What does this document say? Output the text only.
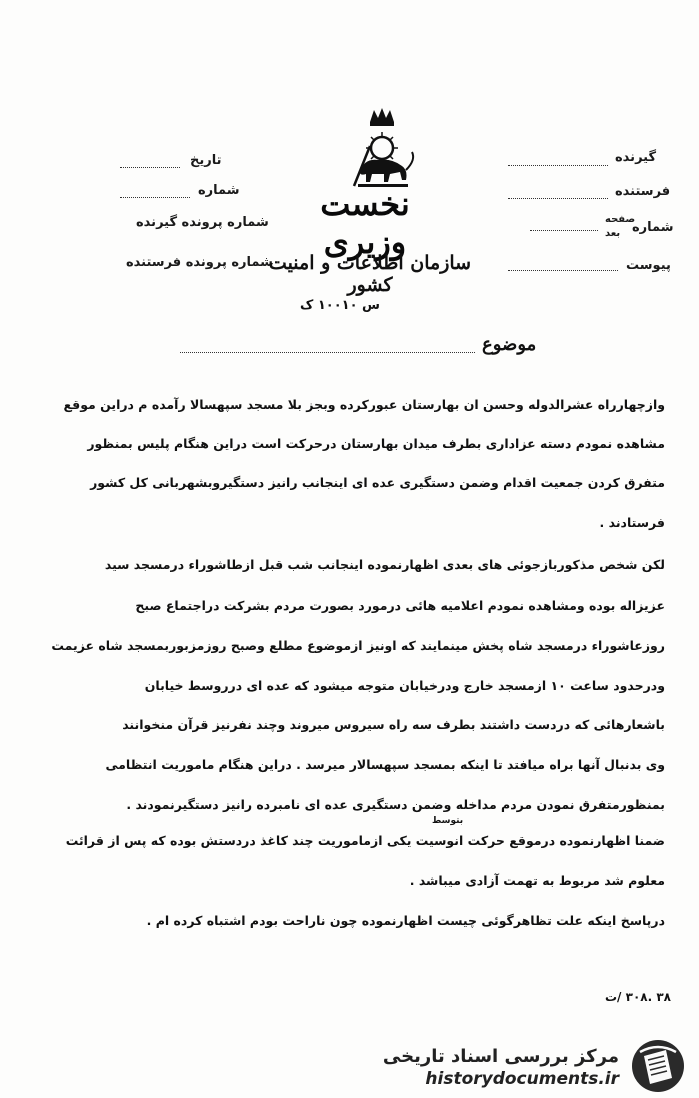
تاریخ
شماره
شماره پرونده گیرنده
شماره پرونده فرستنده
گیرنده
فرستنده
شماره
صفحه
بعد
پیوست
نخست وزیری
سازمان اطلاعات و امنیت کشور
س ۱۰۰۱۰ ک
موضوع
وازچهارراه عشرالدوله وحسن ان بهارستان عبورکرده وبجز بلا مسجد سپهسالا رآمده م دراین موقع
مشاهده نمودم دسته عزاداری بطرف میدان بهارستان درحرکت است دراین هنگام پلیس بمنظور
متفرق کردن جمعیت اقدام وضمن دستگیری عده ای اینجانب رانیز دستگیروبشهربانی کل کشور
فرستادند .
لکن شخص مذکوربازجوئی های بعدی اظهارنموده اینجانب شب قبل ازطاشوراء درمسجد سید
عزیزاله بوده ومشاهده نمودم اعلامیه هائی درمورد بصورت مردم بشرکت دراجتماع صبح
روزعاشوراء درمسجد شاه پخش مینمایند که اونیز ازموضوع مطلع وصبح روزمزبوربمسجد شاه عزیمت
ودرحدود ساعت ۱۰ ازمسجد خارج ودرخیابان متوجه میشود که عده ای درروسط خیابان
باشعارهائی که دردست داشتند بطرف سه راه سیروس میروند وچند نفرنیز قرآن منخوانند
وی بدنبال آنها براه میافتد تا اینکه بمسجد سپهسالار میرسد . دراین هنگام ماموریت انتظامی
بمنظورمتفرق نمودن مردم مداخله وضمن دستگیری عده ای نامبرده رانیز دستگیرنمودند .
بتوسط
ضمنا اظهارنموده درموقع حرکت انوسیت یکی ازماموریت چند کاغذ دردستش بوده که پس از قرائت
معلوم شد مربوط به تهمت آزادی میباشد .
درپاسخ اینکه علت تظاهرگوئی چیست اظهارنموده چون ناراحت بودم اشتباه کرده ام .
۳۸ .۳۰۸ /ت
مرکز بررسی اسناد تاریخی
historydocuments.ir
